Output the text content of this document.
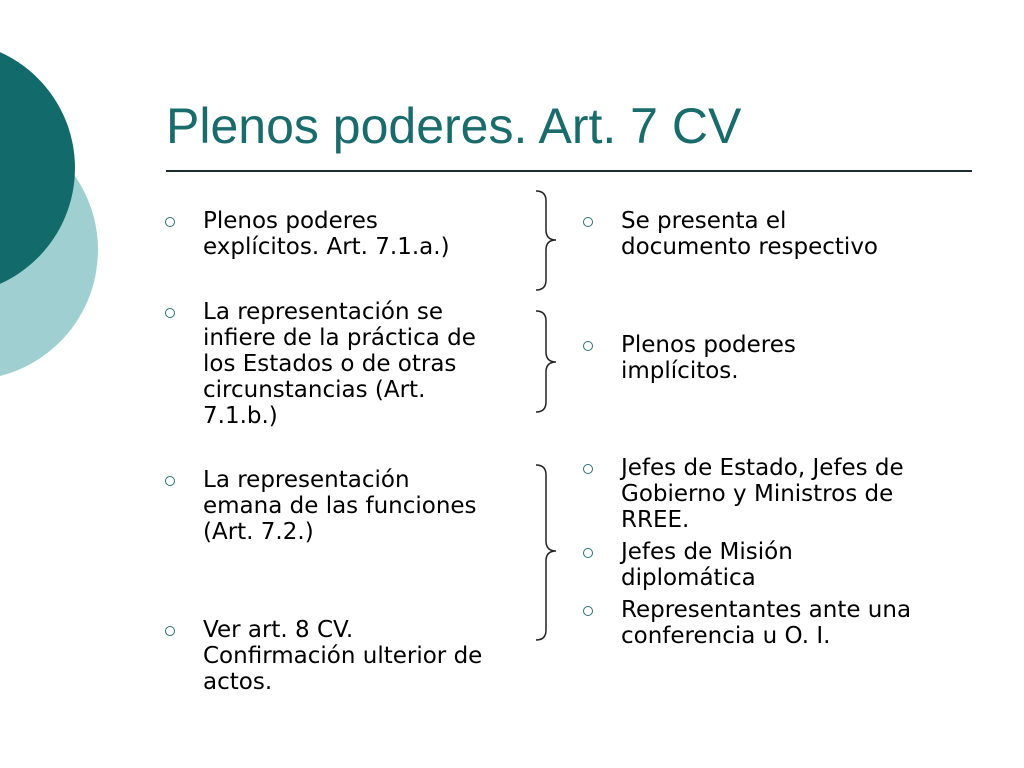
Plenos poderes. Art. 7 CV
Plenos poderes
explícitos. Art. 7.1.a.)
La representación se
infiere de la práctica de
los Estados o de otras
circunstancias (Art.
7.1.b.)
La representación
emana de las funciones
(Art. 7.2.)
Ver art. 8 CV.
Confirmación ulterior de
actos.
Se presenta el
documento respectivo
Plenos poderes
implícitos.
Jefes de Estado, Jefes de
Gobierno y Ministros de
RREE.
Jefes de Misión
diplomática
Representantes ante una
conferencia u O. I.
